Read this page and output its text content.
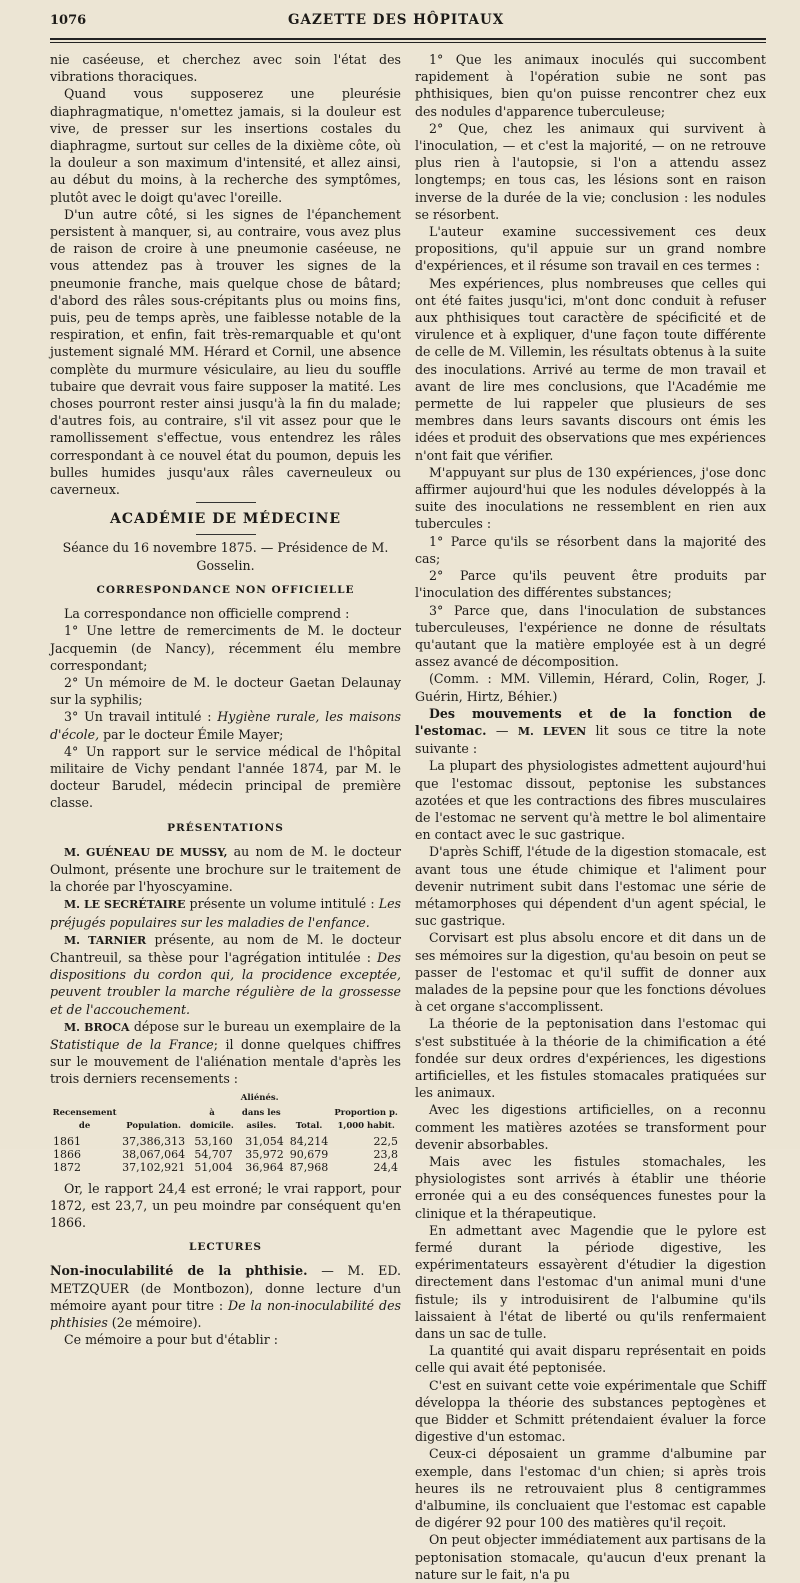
1076	GAZETTE DES HÔPITAUX

nie caséeuse, et cherchez avec soin l'état des vibrations thoraciques.

Quand vous supposerez une pleurésie diaphragmatique, n'omettez jamais, si la douleur est vive, de presser sur les insertions costales du diaphragme, surtout sur celles de la dixième côte, où la douleur a son maximum d'intensité, et allez ainsi, au début du moins, à la recherche des symptômes, plutôt avec le doigt qu'avec l'oreille.

D'un autre côté, si les signes de l'épanchement persistent à manquer, si, au contraire, vous avez plus de raison de croire à une pneumonie caséeuse, ne vous attendez pas à trouver les signes de la pneumonie franche, mais quelque chose de bâtard; d'abord des râles sous-crépitants plus ou moins fins, puis, peu de temps après, une faiblesse notable de la respiration, et enfin, fait très-remarquable et qu'ont justement signalé MM. Hérard et Cornil, une absence complète du murmure vésiculaire, au lieu du souffle tubaire que devrait vous faire supposer la matité. Les choses pourront rester ainsi jusqu'à la fin du malade; d'autres fois, au contraire, s'il vit assez pour que le ramollissement s'effectue, vous entendrez les râles correspondant à ce nouvel état du poumon, depuis les bulles humides jusqu'aux râles caverneuleux ou caverneux.

ACADÉMIE DE MÉDECINE

Séance du 16 novembre 1875. — Présidence de M. Gosselin.

CORRESPONDANCE NON OFFICIELLE

La correspondance non officielle comprend :

1° Une lettre de remerciments de M. le docteur Jacquemin (de Nancy), récemment élu membre correspondant;

2° Un mémoire de M. le docteur Gaetan Delaunay sur la syphilis;

3° Un travail intitulé : Hygiène rurale, les maisons d'école, par le docteur Émile Mayer;

4° Un rapport sur le service médical de l'hôpital militaire de Vichy pendant l'année 1874, par M. le docteur Barudel, médecin principal de première classe.

PRÉSENTATIONS

M. GUÉNEAU DE MUSSY, au nom de M. le docteur Oulmont, présente une brochure sur le traitement de la chorée par l'hyoscyamine.

M. LE SECRÉTAIRE présente un volume intitulé : Les préjugés populaires sur les maladies de l'enfance.

M. TARNIER présente, au nom de M. le docteur Chantreuil, sa thèse pour l'agrégation intitulée : Des dispositions du cordon qui, la procidence exceptée, peuvent troubler la marche régulière de la grossesse et de l'accouchement.

M. BROCA dépose sur le bureau un exemplaire de la Statistique de la France; il donne quelques chiffres sur le mouvement de l'aliénation mentale d'après les trois derniers recensements :

		Aliénés.			
Recensement de	Population.	à domicile.	dans les asiles.	Total.	Proportion p. 1,000 habit.
1861	37,386,313	53,160	31,054	84,214	22,5
1866	38,067,064	54,707	35,972	90,679	23,8
1872	37,102,921	51,004	36,964	87,968	24,4

Or, le rapport 24,4 est erroné; le vrai rapport, pour 1872, est 23,7, un peu moindre par conséquent qu'en 1866.

LECTURES

Non-inoculabilité de la phthisie. — M. ED. METZQUER (de Montbozon), donne lecture d'un mémoire ayant pour titre : De la non-inoculabilité des phthisies (2e mémoire).

Ce mémoire a pour but d'établir :

1° Que les animaux inoculés qui succombent rapidement à l'opération subie ne sont pas phthisiques, bien qu'on puisse rencontrer chez eux des nodules d'apparence tuberculeuse;

2° Que, chez les animaux qui survivent à l'inoculation, — et c'est la majorité, — on ne retrouve plus rien à l'autopsie, si l'on a attendu assez longtemps; en tous cas, les lésions sont en raison inverse de la durée de la vie; conclusion : les nodules se résorbent.

L'auteur examine successivement ces deux propositions, qu'il appuie sur un grand nombre d'expériences, et il résume son travail en ces termes :

Mes expériences, plus nombreuses que celles qui ont été faites jusqu'ici, m'ont donc conduit à refuser aux phthisiques tout caractère de spécificité et de virulence et à expliquer, d'une façon toute différente de celle de M. Villemin, les résultats obtenus à la suite des inoculations. Arrivé au terme de mon travail et avant de lire mes conclusions, que l'Académie me permette de lui rappeler que plusieurs de ses membres dans leurs savants discours ont émis les idées et produit des observations que mes expériences n'ont fait que vérifier.

M'appuyant sur plus de 130 expériences, j'ose donc affirmer aujourd'hui que les nodules développés à la suite des inoculations ne ressemblent en rien aux tubercules :

1° Parce qu'ils se résorbent dans la majorité des cas;

2° Parce qu'ils peuvent être produits par l'inoculation des différentes substances;

3° Parce que, dans l'inoculation de substances tuberculeuses, l'expérience ne donne de résultats qu'autant que la matière employée est à un degré assez avancé de décomposition.

(Comm. : MM. Villemin, Hérard, Colin, Roger, J. Guérin, Hirtz, Béhier.)

Des mouvements et de la fonction de l'estomac. — M. LEVEN lit sous ce titre la note suivante :

La plupart des physiologistes admettent aujourd'hui que l'estomac dissout, peptonise les substances azotées et que les contractions des fibres musculaires de l'estomac ne servent qu'à mettre le bol alimentaire en contact avec le suc gastrique.

D'après Schiff, l'étude de la digestion stomacale, est avant tous une étude chimique et l'aliment pour devenir nutriment subit dans l'estomac une série de métamorphoses qui dépendent d'un agent spécial, le suc gastrique.

Corvisart est plus absolu encore et dit dans un de ses mémoires sur la digestion, qu'au besoin on peut se passer de l'estomac et qu'il suffit de donner aux malades de la pepsine pour que les fonctions dévolues à cet organe s'accomplissent.

La théorie de la peptonisation dans l'estomac qui s'est substituée à la théorie de la chimification a été fondée sur deux ordres d'expériences, les digestions artificielles, et les fistules stomacales pratiquées sur les animaux.

Avec les digestions artificielles, on a reconnu comment les matières azotées se transforment pour devenir absorbables.

Mais avec les fistules stomachales, les physiologistes sont arrivés à établir une théorie erronée qui a eu des conséquences funestes pour la clinique et la thérapeutique.

En admettant avec Magendie que le pylore est fermé durant la période digestive, les expérimentateurs essayèrent d'étudier la digestion directement dans l'estomac d'un animal muni d'une fistule; ils y introduisirent de l'albumine qu'ils laissaient à l'état de liberté ou qu'ils renfermaient dans un sac de tulle.

La quantité qui avait disparu représentait en poids celle qui avait été peptonisée.

C'est en suivant cette voie expérimentale que Schiff développa la théorie des substances peptogènes et que Bidder et Schmitt prétendaient évaluer la force digestive d'un estomac.

Ceux-ci déposaient un gramme d'albumine par exemple, dans l'estomac d'un chien; si après trois heures ils ne retrouvaient plus 8 centigrammes d'albumine, ils concluaient que l'estomac est capable de digérer 92 pour 100 des matières qu'il reçoit.

On peut objecter immédiatement aux partisans de la peptonisation stomacale, qu'aucun d'eux prenant la nature sur le fait, n'a pu
